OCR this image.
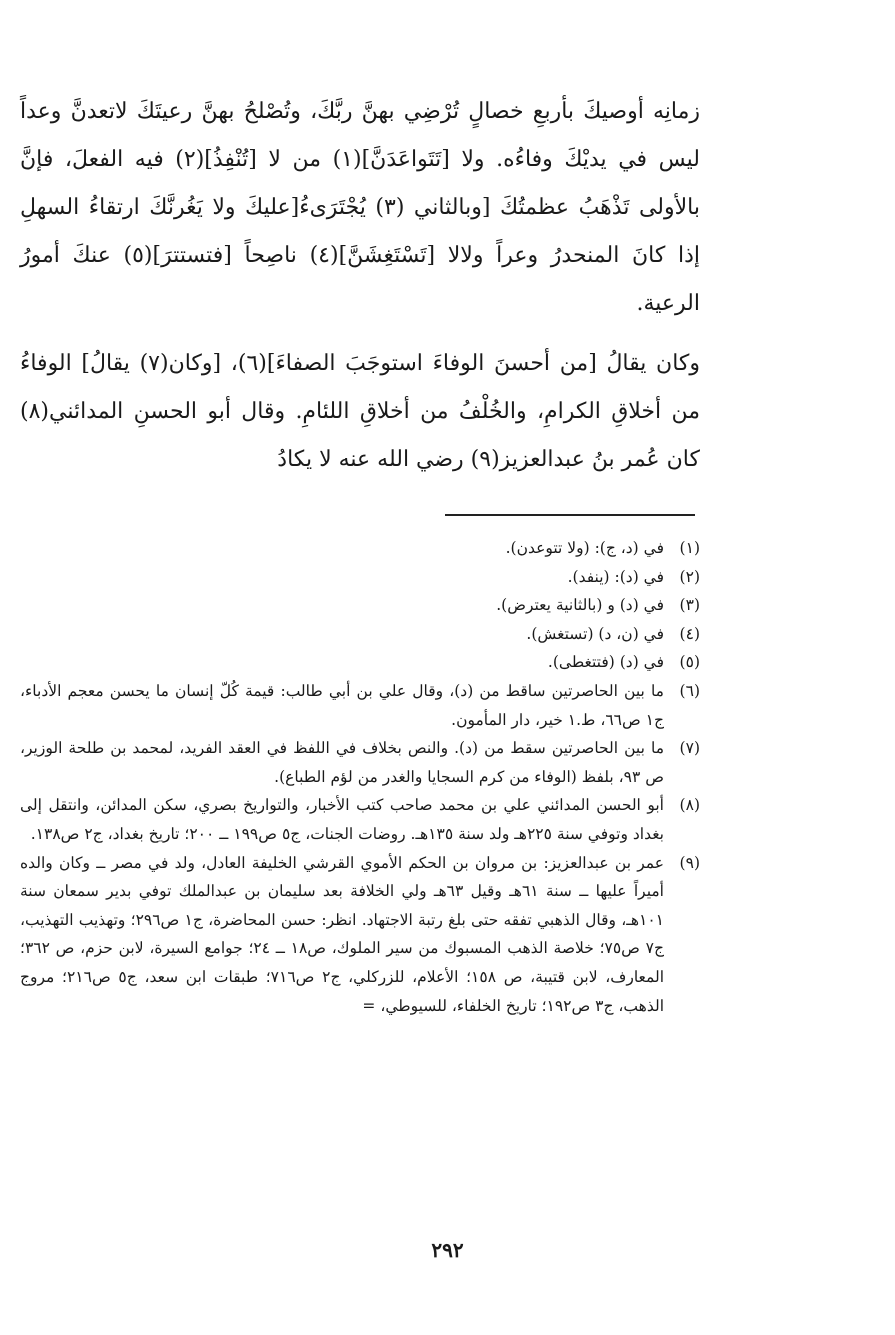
زمانِه أوصيكَ بأربعِ خصالٍ تُرْضِي بهنَّ ربَّكَ، وتُصْلحُ بهنَّ رعيتَكَ لاتعدنَّ وعداً ليس في يديْكَ وفاءُه. ولا [تَتَواعَدَنَّ](١) من لا [تُنْفِذُ](٢) فيه الفعلَ، فإنَّ بالأولى تَذْهَبُ عظمتُكَ [وبالثاني (٣) يُجْتَرَىءُ[عليكَ ولا يَغُرنَّكَ ارتقاءُ السهلِ إذا كانَ المنحدرُ وعراً ولالا [تَسْتَغِشَنَّ](٤) ناصِحاً [فتستترَ](٥) عنكَ أمورُ الرعية.

وكان يقالُ [من أحسنَ الوفاءَ استوجَبَ الصفاءَ](٦)، [وكان(٧) يقالُ] الوفاءُ من أخلاقِ الكرامِ، والخُلْفُ من أخلاقِ اللئامِ. وقال أبو الحسنِ المدائني(٨) كان عُمر بنُ عبدالعزيز(٩) رضي الله عنه لا يكادُ

(١)
في (د، ج): (ولا تتوعدن).
(٢)
في (د): (ينفد).
(٣)
في (د) و (بالثانية يعترض).
(٤)
في (ن، د) (تستغش).
(٥)
في (د) (فتتغطى).
(٦)
ما بين الحاصرتين ساقط من (د)، وقال علي بن أبي طالب: قيمة كُلّ إنسان ما يحسن معجم الأدباء، ج١ ص٦٦، ط.١ خير، دار المأمون.
(٧)
ما بين الحاصرتين سقط من (د). والنص بخلاف في اللفظ في العقد الفريد، لمحمد بن طلحة الوزير، ص ٩٣، بلفظ (الوفاء من كرم السجايا والغدر من لؤم الطباع).
(٨)
أبو الحسن المدائني علي بن محمد صاحب كتب الأخبار، والتواريخ بصري، سكن المدائن، وانتقل إلى بغداد وتوفي سنة ٢٢٥هـ ولد سنة ١٣٥هـ. روضات الجنات، ج٥ ص١٩٩ ــ ٢٠٠؛ تاريخ بغداد، ج٢ ص١٣٨.
(٩)
عمر بن عبدالعزيز: بن مروان بن الحكم الأموي القرشي الخليفة العادل، ولد في مصر ــ وكان والده أميراً عليها ــ سنة ٦١هـ وقيل ٦٣هـ ولي الخلافة بعد سليمان بن عبدالملك توفي بدير سمعان سنة ١٠١هـ، وقال الذهبي تفقه حتى بلغ رتبة الاجتهاد. انظر: حسن المحاضرة، ج١ ص٢٩٦؛ وتهذيب التهذيب، ج٧ ص٧٥؛ خلاصة الذهب المسبوك من سير الملوك، ص١٨ ــ ٢٤؛ جوامع السيرة، لابن حزم، ص ٣٦٢؛ المعارف، لابن قتيبة، ص ١٥٨؛ الأعلام، للزركلي، ج٢ ص٧١٦؛ طبقات ابن سعد، ج٥ ص٢١٦؛ مروج الذهب، ج٣ ص١٩٢؛ تاريخ الخلفاء، للسيوطي، =
٢٩٢
